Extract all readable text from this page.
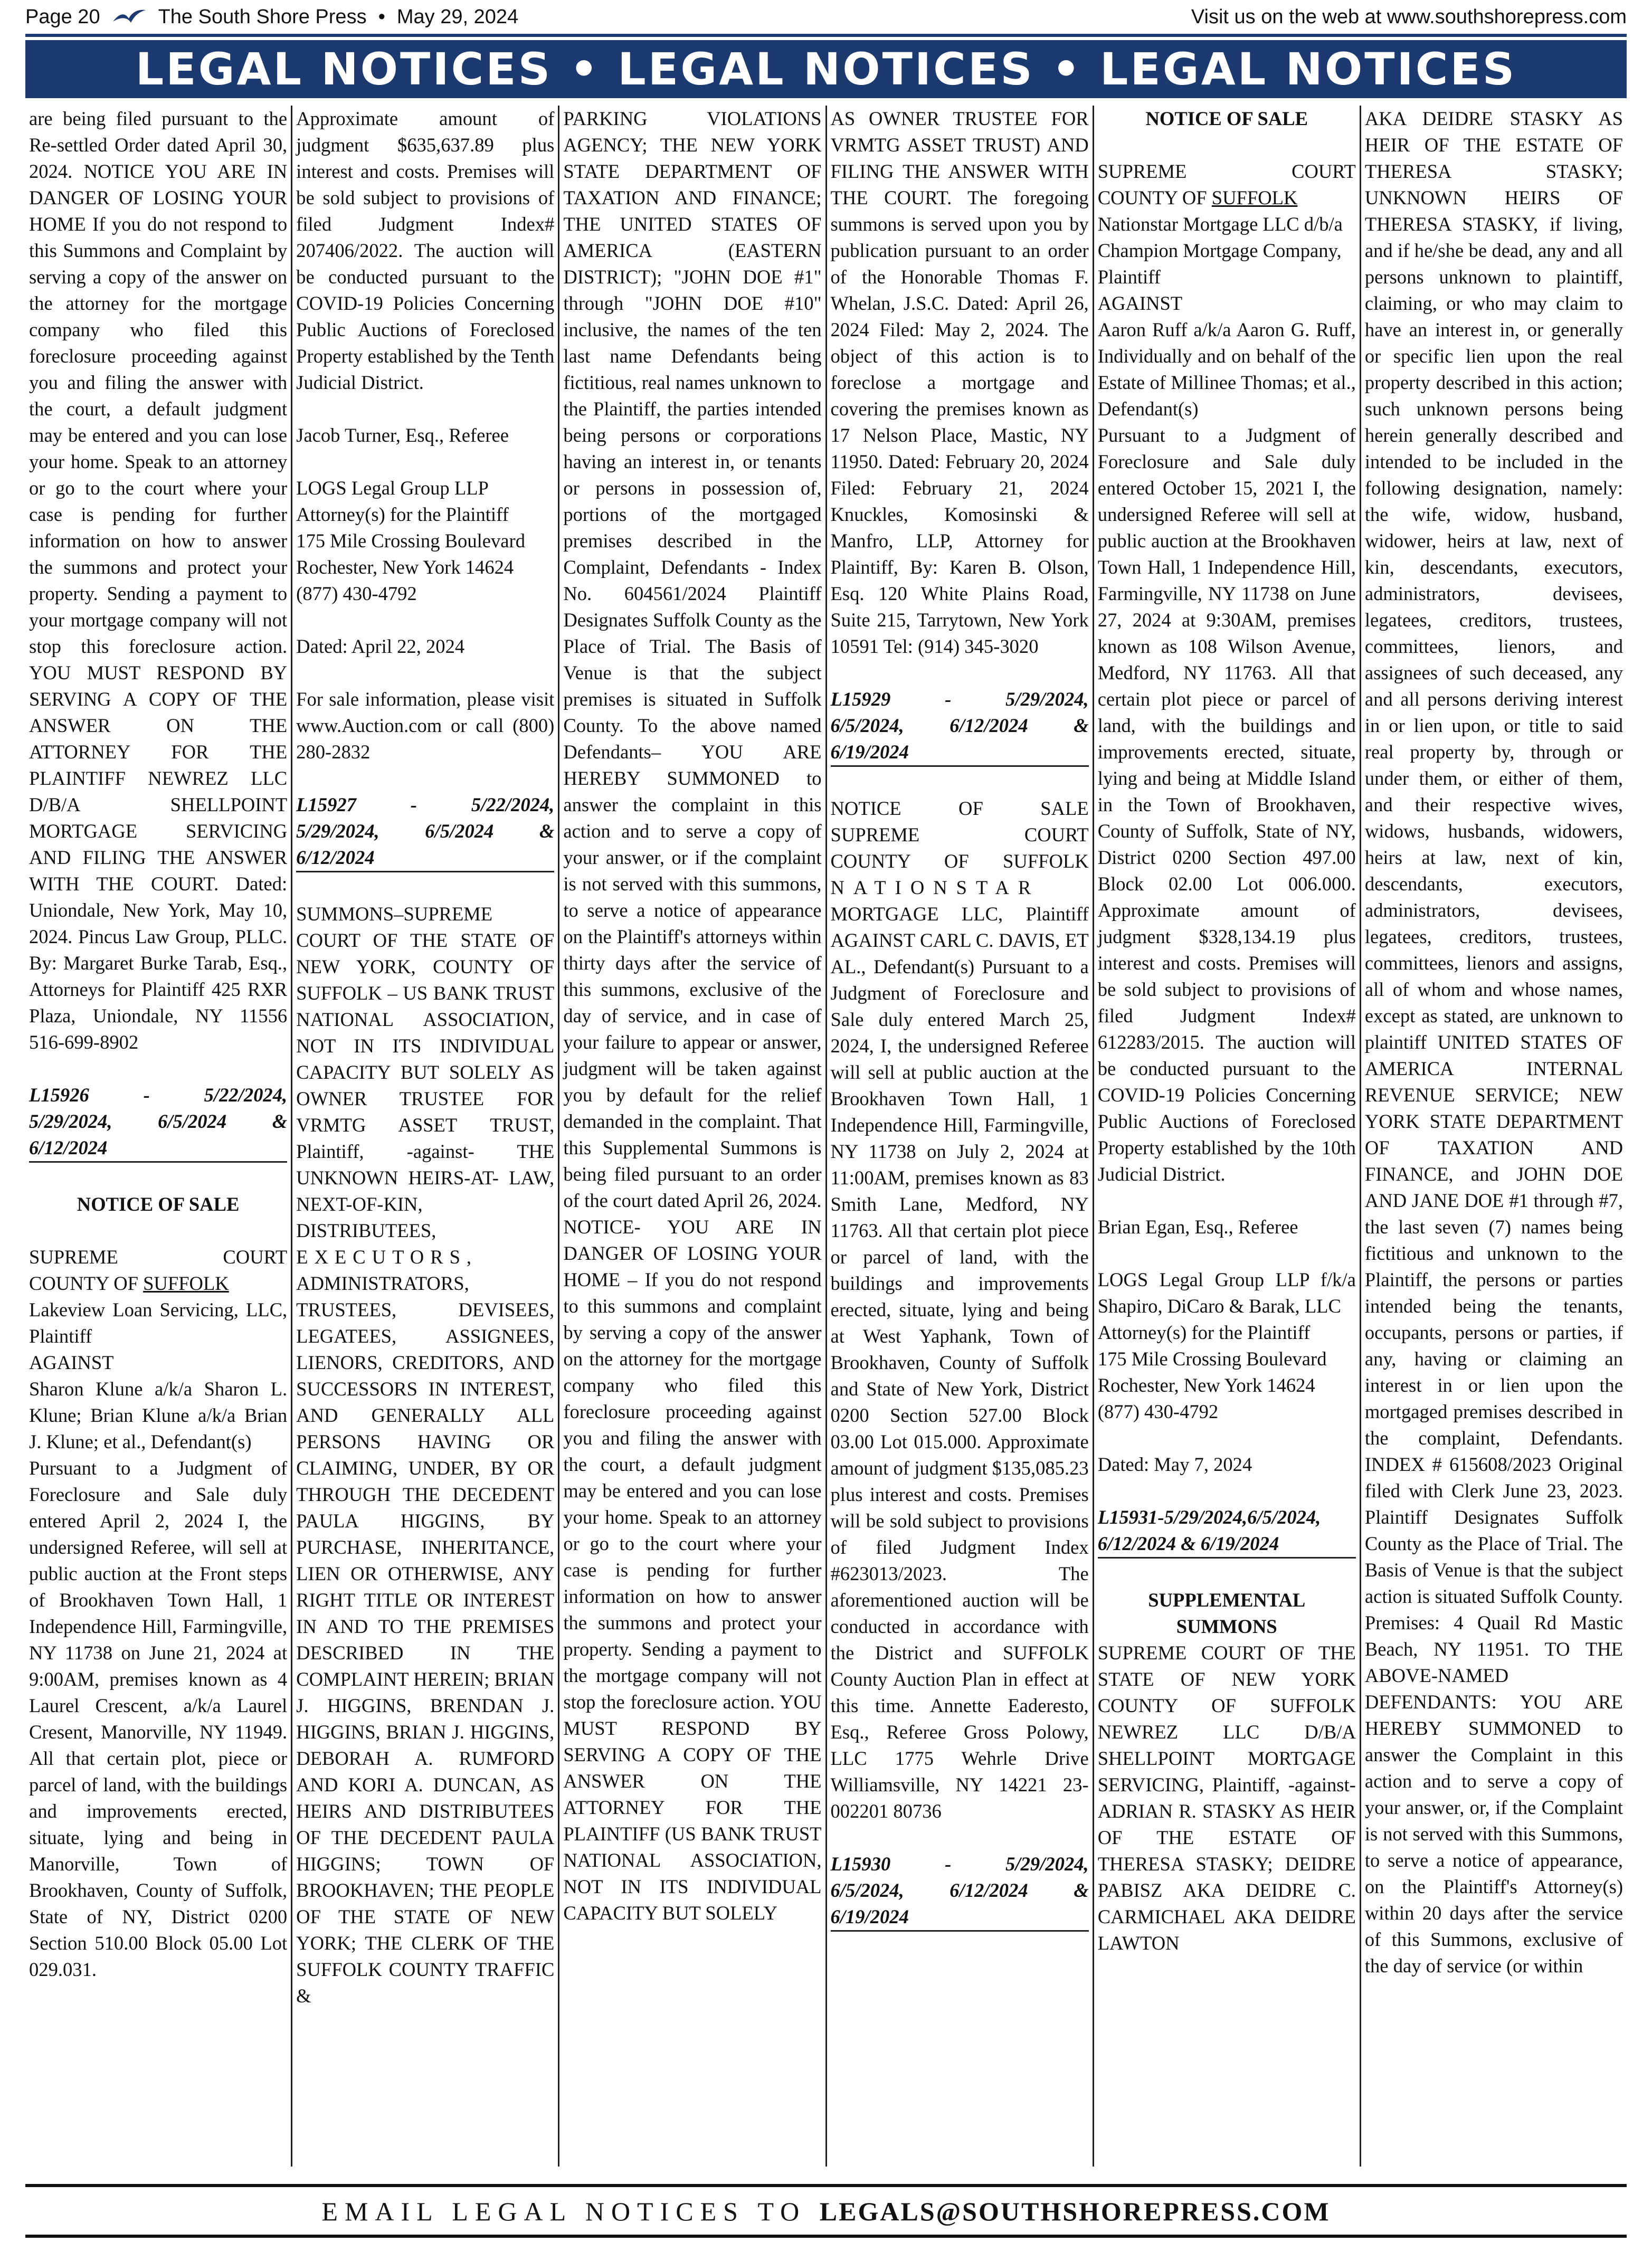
Page 20	The South Shore Press • May 29, 2024	Visit us on the web at www.southshorepress.com
LEGAL NOTICES • LEGAL NOTICES • LEGAL NOTICES

are being filed pursuant to the Re-settled Order dated April 30, 2024. NOTICE YOU ARE IN DANGER OF LOSING YOUR HOME If you do not respond to this Summons and Complaint by serving a copy of the answer on the attorney for the mortgage company who filed this foreclosure proceeding against you and filing the answer with the court, a default judgment may be entered and you can lose your home. Speak to an attorney or go to the court where your case is pending for further information on how to answer the summons and protect your property. Sending a payment to your mortgage company will not stop this foreclosure action. YOU MUST RESPOND BY SERVING A COPY OF THE ANSWER ON THE ATTORNEY FOR THE PLAINTIFF NEWREZ LLC D/B/A SHELLPOINT MORTGAGE SERVICING AND FILING THE ANSWER WITH THE COURT. Dated: Uniondale, New York, May 10, 2024. Pincus Law Group, PLLC. By: Margaret Burke Tarab, Esq., Attorneys for Plaintiff 425 RXR Plaza, Uniondale, NY 11556 516-699-8902

L15926 - 5/22/2024,

5/29/2024, 6/5/2024 &

6/12/2024

NOTICE OF SALE

SUPREME COURT

COUNTY OF SUFFOLK

Lakeview Loan Servicing, LLC, Plaintiff

AGAINST

Sharon Klune a/k/a Sharon L. Klune; Brian Klune a/k/a Brian J. Klune; et al., Defendant(s)

Pursuant to a Judgment of Foreclosure and Sale duly entered April 2, 2024 I, the undersigned Referee, will sell at public auction at the Front steps of Brookhaven Town Hall, 1 Independence Hill, Farmingville, NY 11738 on June 21, 2024 at 9:00AM, premises known as 4 Laurel Crescent, a/k/a Laurel Cresent, Manorville, NY 11949. All that certain plot, piece or parcel of land, with the buildings and improvements erected, situate, lying and being in Manorville, Town of Brookhaven, County of Suffolk, State of NY, District 0200 Section 510.00 Block 05.00 Lot 029.031.

Approximate amount of judgment $635,637.89 plus interest and costs. Premises will be sold subject to provisions of filed Judgment Index# 207406/2022. The auction will be conducted pursuant to the COVID-19 Policies Concerning Public Auctions of Foreclosed Property established by the Tenth Judicial District.

Jacob Turner, Esq., Referee

LOGS Legal Group LLP

Attorney(s) for the Plaintiff

175 Mile Crossing Boulevard

Rochester, New York 14624

(877) 430-4792

Dated: April 22, 2024

For sale information, please visit www.Auction.com or call (800) 280-2832

L15927 - 5/22/2024,

5/29/2024, 6/5/2024 &

6/12/2024

SUMMONS–SUPREME COURT OF THE STATE OF NEW YORK, COUNTY OF SUFFOLK – US BANK TRUST NATIONAL ASSOCIATION, NOT IN ITS INDIVIDUAL CAPACITY BUT SOLELY AS OWNER TRUSTEE FOR VRMTG ASSET TRUST, Plaintiff, -against- THE UNKNOWN HEIRS-AT- LAW, NEXT-OF-KIN, DISTRIBUTEES,

EXECUTORS,

ADMINISTRATORS, TRUSTEES, DEVISEES, LEGATEES, ASSIGNEES, LIENORS, CREDITORS, AND SUCCESSORS IN INTEREST, AND GENERALLY ALL PERSONS HAVING OR CLAIMING, UNDER, BY OR THROUGH THE DECEDENT PAULA HIGGINS, BY PURCHASE, INHERITANCE, LIEN OR OTHERWISE, ANY RIGHT TITLE OR INTEREST IN AND TO THE PREMISES DESCRIBED IN THE COMPLAINT HEREIN; BRIAN J. HIGGINS, BRENDAN J. HIGGINS, BRIAN J. HIGGINS, DEBORAH A. RUMFORD AND KORI A. DUNCAN, AS HEIRS AND DISTRIBUTEES OF THE DECEDENT PAULA HIGGINS; TOWN OF BROOKHAVEN; THE PEOPLE OF THE STATE OF NEW YORK; THE CLERK OF THE SUFFOLK COUNTY TRAFFIC &

PARKING VIOLATIONS AGENCY; THE NEW YORK STATE DEPARTMENT OF TAXATION AND FINANCE; THE UNITED STATES OF AMERICA (EASTERN DISTRICT); "JOHN DOE #1" through "JOHN DOE #10" inclusive, the names of the ten last name Defendants being fictitious, real names unknown to the Plaintiff, the parties intended being persons or corporations having an interest in, or tenants or persons in possession of, portions of the mortgaged premises described in the Complaint, Defendants - Index No. 604561/2024 Plaintiff Designates Suffolk County as the Place of Trial. The Basis of Venue is that the subject premises is situated in Suffolk County. To the above named Defendants– YOU ARE HEREBY SUMMONED to answer the complaint in this action and to serve a copy of your answer, or if the complaint is not served with this summons, to serve a notice of appearance on the Plaintiff's attorneys within thirty days after the service of this summons, exclusive of the day of service, and in case of your failure to appear or answer, judgment will be taken against you by default for the relief demanded in the complaint. That this Supplemental Summons is being filed pursuant to an order of the court dated April 26, 2024. NOTICE- YOU ARE IN DANGER OF LOSING YOUR HOME – If you do not respond to this summons and complaint by serving a copy of the answer on the attorney for the mortgage company who filed this foreclosure proceeding against you and filing the answer with the court, a default judgment may be entered and you can lose your home. Speak to an attorney or go to the court where your case is pending for further information on how to answer the summons and protect your property. Sending a payment to the mortgage company will not stop the foreclosure action. YOU MUST RESPOND BY SERVING A COPY OF THE ANSWER ON THE ATTORNEY FOR THE PLAINTIFF (US BANK TRUST NATIONAL ASSOCIATION, NOT IN ITS INDIVIDUAL CAPACITY BUT SOLELY

AS OWNER TRUSTEE FOR VRMTG ASSET TRUST) AND FILING THE ANSWER WITH THE COURT. The foregoing summons is served upon you by publication pursuant to an order of the Honorable Thomas F. Whelan, J.S.C. Dated: April 26, 2024 Filed: May 2, 2024. The object of this action is to foreclose a mortgage and covering the premises known as 17 Nelson Place, Mastic, NY 11950. Dated: February 20, 2024 Filed: February 21, 2024 Knuckles, Komosinski & Manfro, LLP, Attorney for Plaintiff, By: Karen B. Olson, Esq. 120 White Plains Road, Suite 215, Tarrytown, New York 10591 Tel: (914) 345-3020

L15929 - 5/29/2024,

6/5/2024, 6/12/2024 &

6/19/2024

NOTICE OF SALE

SUPREME COURT

COUNTY OF SUFFOLK

NATIONSTAR

MORTGAGE LLC, Plaintiff AGAINST CARL C. DAVIS, ET AL., Defendant(s) Pursuant to a Judgment of Foreclosure and Sale duly entered March 25, 2024, I, the undersigned Referee will sell at public auction at the Brookhaven Town Hall, 1 Independence Hill, Farmingville, NY 11738 on July 2, 2024 at 11:00AM, premises known as 83 Smith Lane, Medford, NY 11763. All that certain plot piece or parcel of land, with the buildings and improvements erected, situate, lying and being at West Yaphank, Town of Brookhaven, County of Suffolk and State of New York, District 0200 Section 527.00 Block 03.00 Lot 015.000. Approximate amount of judgment $135,085.23 plus interest and costs. Premises will be sold subject to provisions of filed Judgment Index #623013/2023. The aforementioned auction will be conducted in accordance with the District and SUFFOLK County Auction Plan in effect at this time. Annette Eaderesto, Esq., Referee Gross Polowy, LLC 1775 Wehrle Drive Williamsville, NY 14221 23-002201 80736

L15930 - 5/29/2024,

6/5/2024, 6/12/2024 &

6/19/2024

NOTICE OF SALE

SUPREME COURT

COUNTY OF SUFFOLK

Nationstar Mortgage LLC d/b/a Champion Mortgage Company, Plaintiff

AGAINST

Aaron Ruff a/k/a Aaron G. Ruff, Individually and on behalf of the Estate of Millinee Thomas; et al., Defendant(s)

Pursuant to a Judgment of Foreclosure and Sale duly entered October 15, 2021 I, the undersigned Referee will sell at public auction at the Brookhaven Town Hall, 1 Independence Hill, Farmingville, NY 11738 on June 27, 2024 at 9:30AM, premises known as 108 Wilson Avenue, Medford, NY 11763. All that certain plot piece or parcel of land, with the buildings and improvements erected, situate, lying and being at Middle Island in the Town of Brookhaven, County of Suffolk, State of NY, District 0200 Section 497.00 Block 02.00 Lot 006.000. Approximate amount of judgment $328,134.19 plus interest and costs. Premises will be sold subject to provisions of filed Judgment Index# 612283/2015. The auction will be conducted pursuant to the COVID-19 Policies Concerning Public Auctions of Foreclosed Property established by the 10th Judicial District.

Brian Egan, Esq., Referee

LOGS Legal Group LLP f/k/a Shapiro, DiCaro & Barak, LLC

Attorney(s) for the Plaintiff

175 Mile Crossing Boulevard

Rochester, New York 14624

(877) 430-4792

Dated: May 7, 2024

L15931-5/29/2024,6/5/2024,

6/12/2024 & 6/19/2024

SUPPLEMENTAL

SUMMONS

SUPREME COURT OF THE STATE OF NEW YORK COUNTY OF SUFFOLK NEWREZ LLC D/B/A SHELLPOINT MORTGAGE SERVICING, Plaintiff, -against- ADRIAN R. STASKY AS HEIR OF THE ESTATE OF THERESA STASKY; DEIDRE PABISZ AKA DEIDRE C. CARMICHAEL AKA DEIDRE LAWTON

AKA DEIDRE STASKY AS HEIR OF THE ESTATE OF THERESA STASKY; UNKNOWN HEIRS OF THERESA STASKY, if living, and if he/she be dead, any and all persons unknown to plaintiff, claiming, or who may claim to have an interest in, or generally or specific lien upon the real property described in this action; such unknown persons being herein generally described and intended to be included in the following designation, namely: the wife, widow, husband, widower, heirs at law, next of kin, descendants, executors, administrators, devisees, legatees, creditors, trustees, committees, lienors, and assignees of such deceased, any and all persons deriving interest in or lien upon, or title to said real property by, through or under them, or either of them, and their respective wives, widows, husbands, widowers, heirs at law, next of kin, descendants, executors, administrators, devisees, legatees, creditors, trustees, committees, lienors and assigns, all of whom and whose names, except as stated, are unknown to plaintiff UNITED STATES OF AMERICA INTERNAL REVENUE SERVICE; NEW YORK STATE DEPARTMENT OF TAXATION AND FINANCE, and JOHN DOE AND JANE DOE #1 through #7, the last seven (7) names being fictitious and unknown to the Plaintiff, the persons or parties intended being the tenants, occupants, persons or parties, if any, having or claiming an interest in or lien upon the mortgaged premises described in the complaint, Defendants. INDEX # 615608/2023 Original filed with Clerk June 23, 2023. Plaintiff Designates Suffolk County as the Place of Trial. The Basis of Venue is that the subject action is situated Suffolk County. Premises: 4 Quail Rd Mastic Beach, NY 11951. TO THE ABOVE-NAMED DEFENDANTS: YOU ARE HEREBY SUMMONED to answer the Complaint in this action and to serve a copy of your answer, or, if the Complaint is not served with this Summons, to serve a notice of appearance, on the Plaintiff's Attorney(s) within 20 days after the service of this Summons, exclusive of the day of service (or within

EMAIL LEGAL NOTICES TO LEGALS@SOUTHSHOREPRESS.COM
